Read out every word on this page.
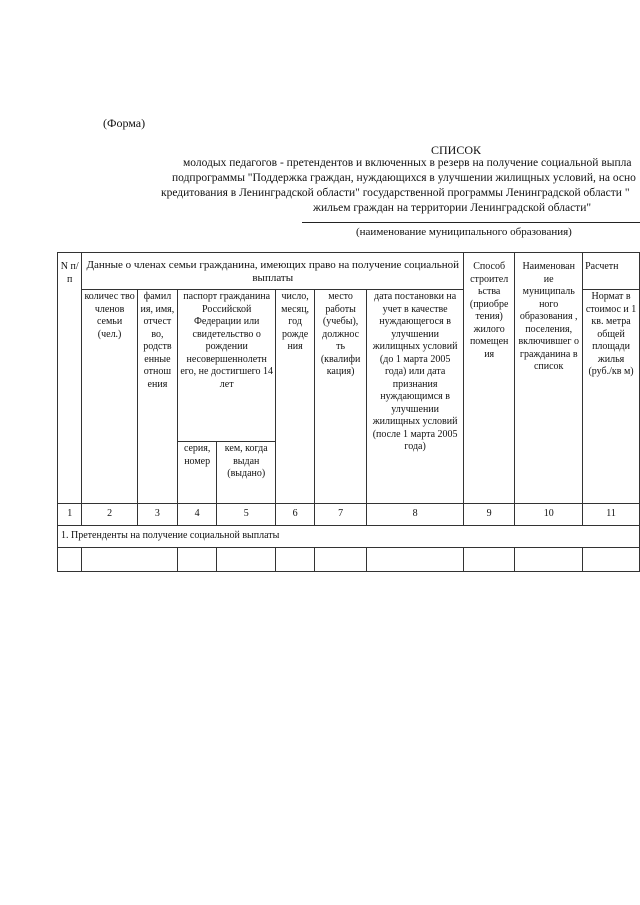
(Форма)
СПИСОК
молодых педагогов - претендентов и включенных в резерв на получение социальной выпла
подпрограммы "Поддержка граждан, нуждающихся в улучшении жилищных условий, на осно
кредитования в Ленинградской области" государственной программы Ленинградской области "
жильем граждан на территории Ленинградской области"
(наименование муниципального образования)
N п/п	Данные о членах семьи гражданина, имеющих право на получение социальной выплаты							Способ строител ьства (приобре тения) жилого помещен ия	Наименован ие муниципаль ного образования , поселения, включившег о гражданина в список	Расчетн
	количес тво членов семьи (чел.)	фамил ия, имя, отчест во, родств енные отнош ения	паспорт гражданина Российской Федерации или свидетельство о рождении несовершеннолетн его, не достигшего 14 лет		число, месяц, год рожде ния	место работы (учебы), должнос ть (квалифи кация)	дата постановки на учет в качестве нуждающегося в улучшении жилищных условий (до 1 марта 2005 года) или дата признания нуждающимся в улучшении жилищных условий (после 1 марта 2005 года)			Нормат в стоимос и 1 кв. метра общей площади жилья (руб./кв м)
			серия, номер	кем, когда выдан (выдано)						
1	2	3	4	5	6	7	8	9	10	11
1. Претенденты на получение социальной выплаты										
